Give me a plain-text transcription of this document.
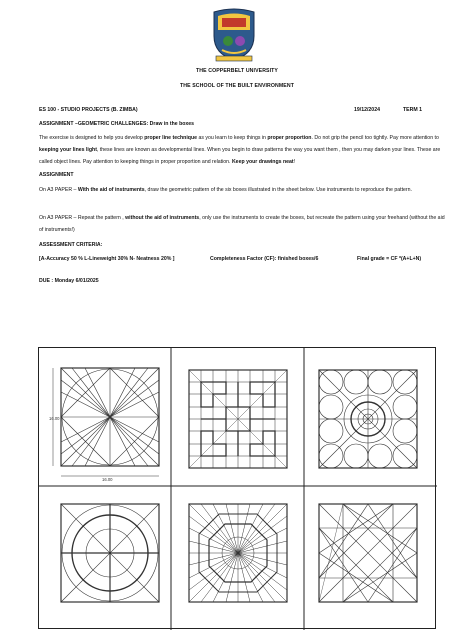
THE COPPERBELT UNIVERSITY
THE SCHOOL OF THE BUILT ENVIRONMENT
ES 100 - STUDIO PROJECTS (B. ZIMBA)	19/12/2024	TERM 1
ASSIGNMENT –GEOMETRIC CHALLENGES: Draw in the boxes
The exercise is designed to help you develop proper line technique as you learn to keep things in proper proportion. Do not grip the pencil too tightly. Pay more attention to keeping your lines light, these lines are known as developmental lines. When you begin to draw patterns the way you want them , then you may darken your lines. These are called object lines. Pay attention to keeping things in proper proportion and relation. Keep your drawings neat!
ASSIGNMENT
On A3 PAPER – With the aid of instruments, draw the geometric pattern of the six boxes illustrated in the sheet below. Use instruments to reproduce the pattern.
On A3 PAPER – Repeat the pattern , without the aid of instruments, only use the instruments to create the boxes, but recreate the pattern using your freehand (without the aid of instruments!)
ASSESSMENT CRITERIA:
[A-Accuracy 50 % L-Lineweight 30% N- Neatness 20% ]	Completeness Factor (CF): finished boxes/6	Final grade = CF *(A+L+N)
DUE : Monday 6/01/2025
16.00
16.00
